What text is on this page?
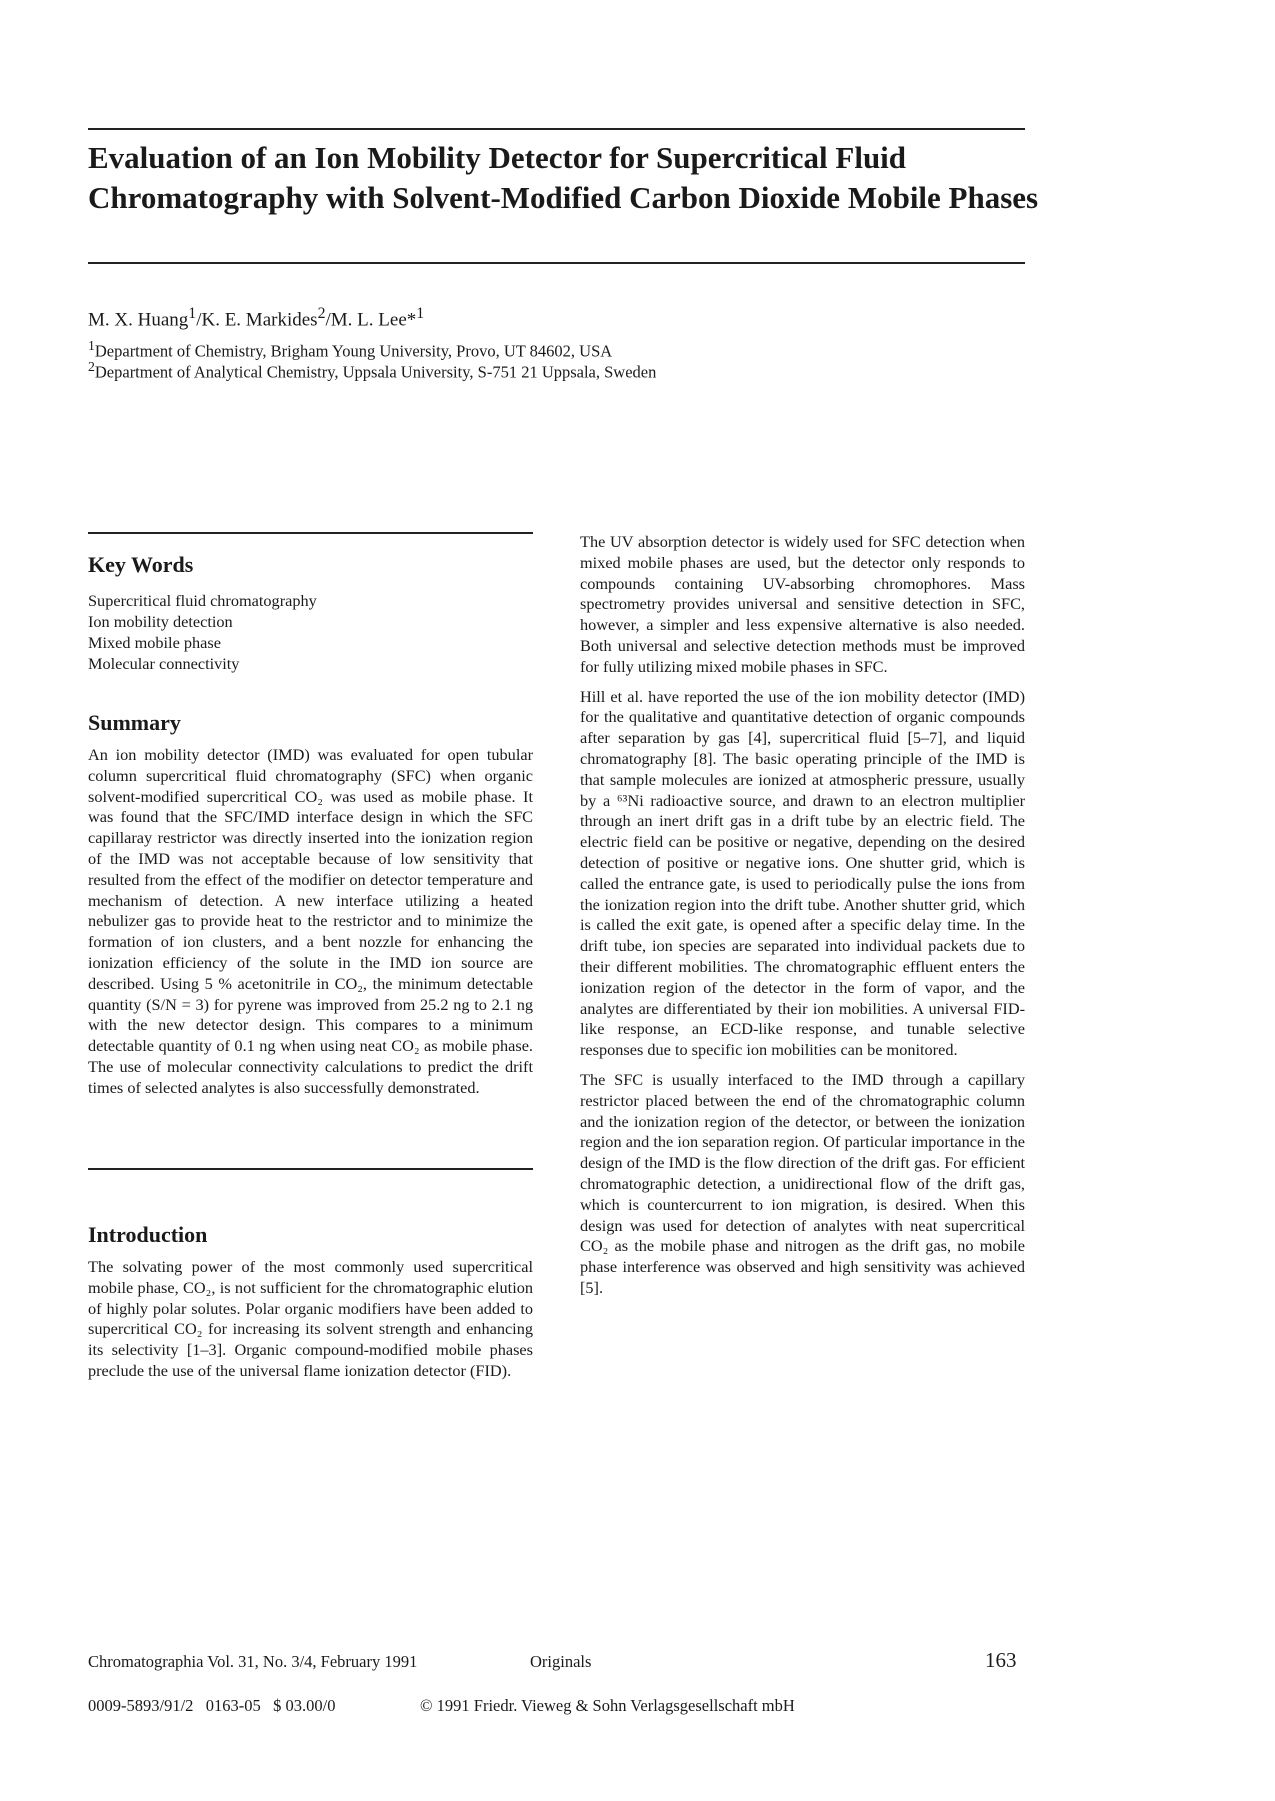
Evaluation of an Ion Mobility Detector for Supercritical Fluid Chromatography with Solvent-Modified Carbon Dioxide Mobile Phases
M. X. Huang$^1$/K. E. Markides$^2$/M. L. Lee*$^1$
$^1$Department of Chemistry, Brigham Young University, Provo, UT 84602, USA
$^2$Department of Analytical Chemistry, Uppsala University, S-751 21 Uppsala, Sweden
Key Words
Supercritical fluid chromatography
Ion mobility detection
Mixed mobile phase
Molecular connectivity
Summary

An ion mobility detector (IMD) was evaluated for open tubular column supercritical fluid chromatography (SFC) when organic solvent-modified supercritical CO₂ was used as mobile phase. It was found that the SFC/IMD interface design in which the SFC capillaray restrictor was directly inserted into the ionization region of the IMD was not acceptable because of low sensitivity that resulted from the effect of the modifier on detector temperature and mechanism of detection. A new interface utilizing a heated nebulizer gas to provide heat to the restrictor and to minimize the formation of ion clusters, and a bent nozzle for enhancing the ionization efficiency of the solute in the IMD ion source are described. Using 5 % acetonitrile in CO₂, the minimum detectable quantity (S/N = 3) for pyrene was improved from 25.2 ng to 2.1 ng with the new detector design. This compares to a minimum detectable quantity of 0.1 ng when using neat CO₂ as mobile phase. The use of molecular connectivity calculations to predict the drift times of selected analytes is also successfully demonstrated.

Introduction

The solvating power of the most commonly used supercritical mobile phase, CO₂, is not sufficient for the chromatographic elution of highly polar solutes. Polar organic modifiers have been added to supercritical CO₂ for increasing its solvent strength and enhancing its selectivity [1–3]. Organic compound-modified mobile phases preclude the use of the universal flame ionization detector (FID).

The UV absorption detector is widely used for SFC detection when mixed mobile phases are used, but the detector only responds to compounds containing UV-absorbing chromophores. Mass spectrometry provides universal and sensitive detection in SFC, however, a simpler and less expensive alternative is also needed. Both universal and selective detection methods must be improved for fully utilizing mixed mobile phases in SFC.

Hill et al. have reported the use of the ion mobility detector (IMD) for the qualitative and quantitative detection of organic compounds after separation by gas [4], supercritical fluid [5–7], and liquid chromatography [8]. The basic operating principle of the IMD is that sample molecules are ionized at atmospheric pressure, usually by a ⁶³Ni radioactive source, and drawn to an electron multiplier through an inert drift gas in a drift tube by an electric field. The electric field can be positive or negative, depending on the desired detection of positive or negative ions. One shutter grid, which is called the entrance gate, is used to periodically pulse the ions from the ionization region into the drift tube. Another shutter grid, which is called the exit gate, is opened after a specific delay time. In the drift tube, ion species are separated into individual packets due to their different mobilities. The chromatographic effluent enters the ionization region of the detector in the form of vapor, and the analytes are differentiated by their ion mobilities. A universal FID-like response, an ECD-like response, and tunable selective responses due to specific ion mobilities can be monitored.

The SFC is usually interfaced to the IMD through a capillary restrictor placed between the end of the chromatographic column and the ionization region of the detector, or between the ionization region and the ion separation region. Of particular importance in the design of the IMD is the flow direction of the drift gas. For efficient chromatographic detection, a unidirectional flow of the drift gas, which is countercurrent to ion migration, is desired. When this design was used for detection of analytes with neat supercritical CO₂ as the mobile phase and nitrogen as the drift gas, no mobile phase interference was observed and high sensitivity was achieved [5].

Chromatographia Vol. 31, No. 3/4, February 1991	Originals	163
0009-5893/91/2   0163-05   $ 03.00/0	© 1991 Friedr. Vieweg & Sohn Verlagsgesellschaft mbH
